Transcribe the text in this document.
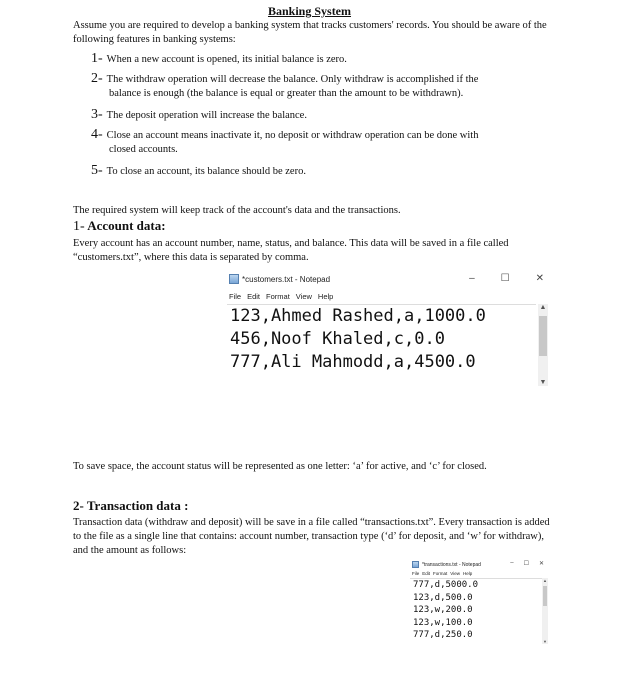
Banking System
Assume you are required to develop a banking system that tracks customers' records. You should be aware of the following features in banking systems:
1- When a new account is opened, its initial balance is zero.
2- The withdraw operation will decrease the balance. Only withdraw is accomplished if the
balance is enough (the balance is equal or greater than the amount to be withdrawn).
3- The deposit operation will increase the balance.
4- Close an account means inactivate it, no deposit or withdraw operation can be done with
closed accounts.
5- To close an account, its balance should be zero.
The required system will keep track of the account's data and the transactions.
1- Account data:
Every account has an account number, name, status, and balance. This data will be saved in a file called “customers.txt”, where this data is separated by comma.
*customers.txt - Notepad	–	☐	✕
File Edit Format View Help
123,Ahmed Rashed,a,1000.0
456,Noof Khaled,c,0.0
777,Ali Mahmodd,a,4500.0
▲
▼
To save space, the account status will be represented as one letter: ‘a’ for active, and ‘c’ for closed.
2- Transaction data :
Transaction data (withdraw and deposit) will be save in a file called “transactions.txt”. Every transaction is added to the file as a single line that contains: account number, transaction type (‘d’ for deposit, and ‘w’ for withdraw), and the amount as follows:
*transactions.txt - Notepad	– ☐ ✕
File Edit Format View Help
777,d,5000.0
123,d,500.0
123,w,200.0
123,w,100.0
777,d,250.0
▲
▼
